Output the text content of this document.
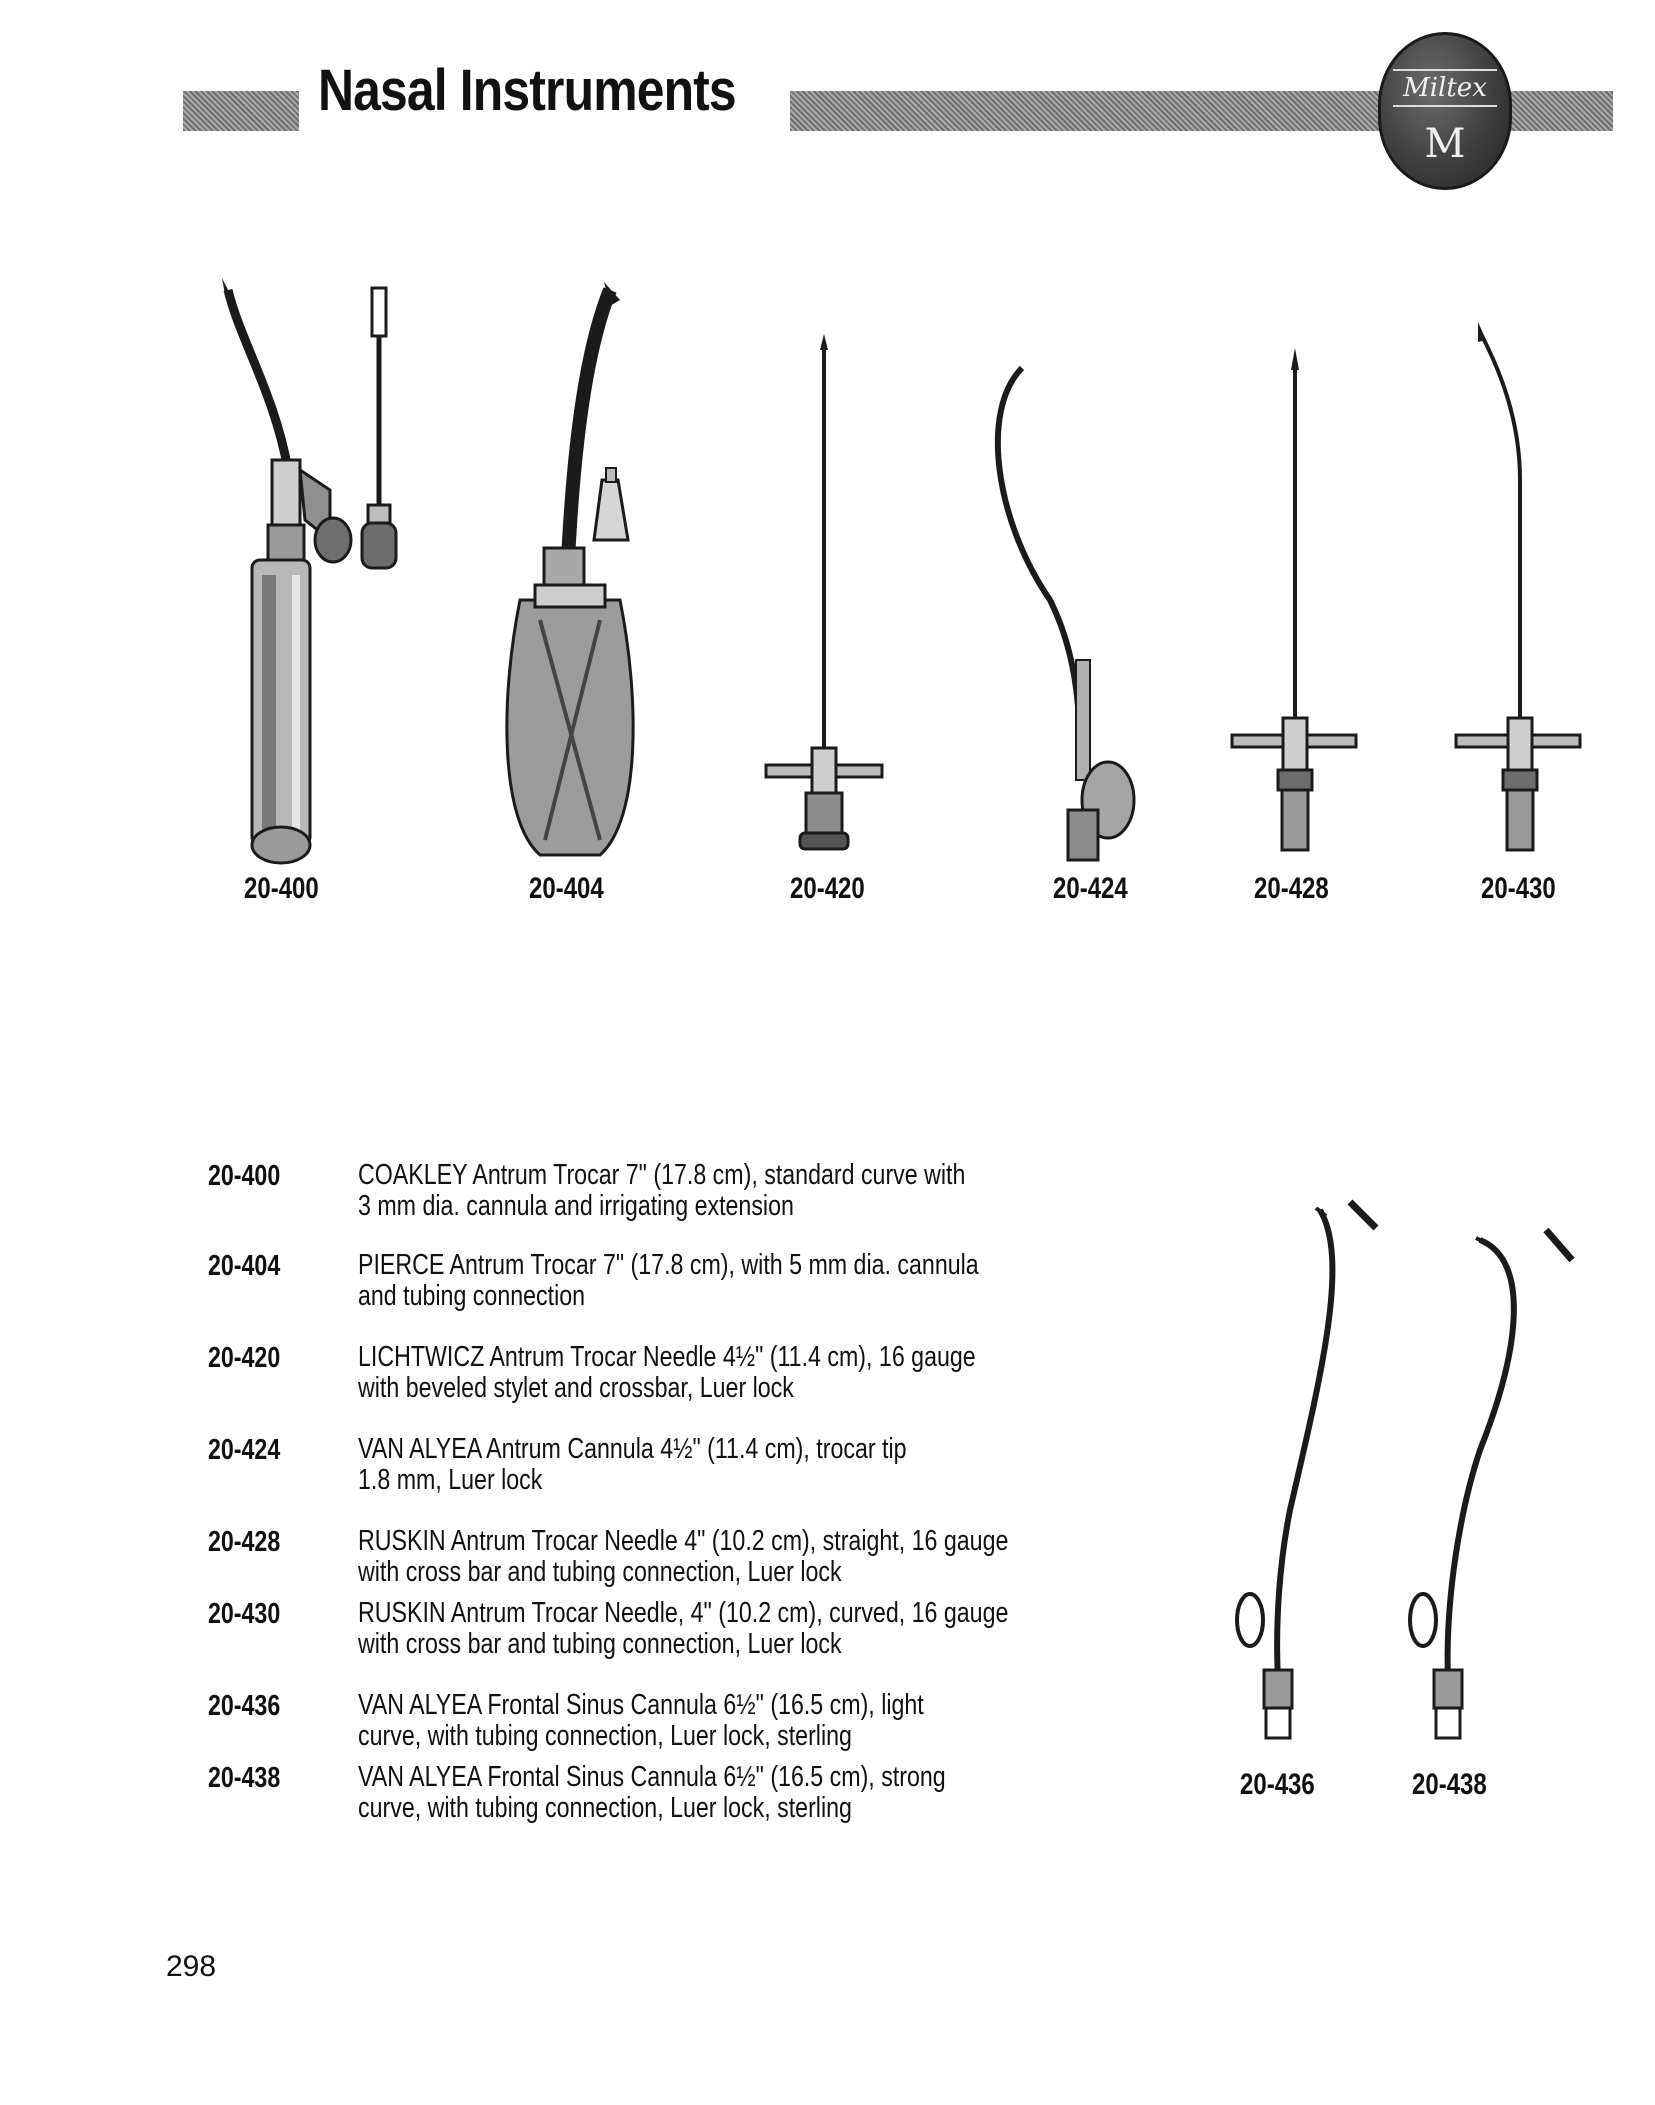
Nasal Instruments	Miltex
M
20-400	20-404	20-420	20-424	20-428	20-430
20-436	20-438
20-400	COAKLEY Antrum Trocar 7" (17.8 cm), standard curve with
3 mm dia. cannula and irrigating extension
20-404	PIERCE Antrum Trocar 7" (17.8 cm), with 5 mm dia. cannula
and tubing connection
20-420	LICHTWICZ Antrum Trocar Needle 4½" (11.4 cm), 16 gauge
with beveled stylet and crossbar, Luer lock
20-424	VAN ALYEA Antrum Cannula 4½" (11.4 cm), trocar tip
1.8 mm, Luer lock
20-428	RUSKIN Antrum Trocar Needle 4" (10.2 cm), straight, 16 gauge
with cross bar and tubing connection, Luer lock
20-430	RUSKIN Antrum Trocar Needle, 4" (10.2 cm), curved, 16 gauge
with cross bar and tubing connection, Luer lock
20-436	VAN ALYEA Frontal Sinus Cannula 6½" (16.5 cm), light
curve, with tubing connection, Luer lock, sterling
20-438	VAN ALYEA Frontal Sinus Cannula 6½" (16.5 cm), strong
curve, with tubing connection, Luer lock, sterling
298
